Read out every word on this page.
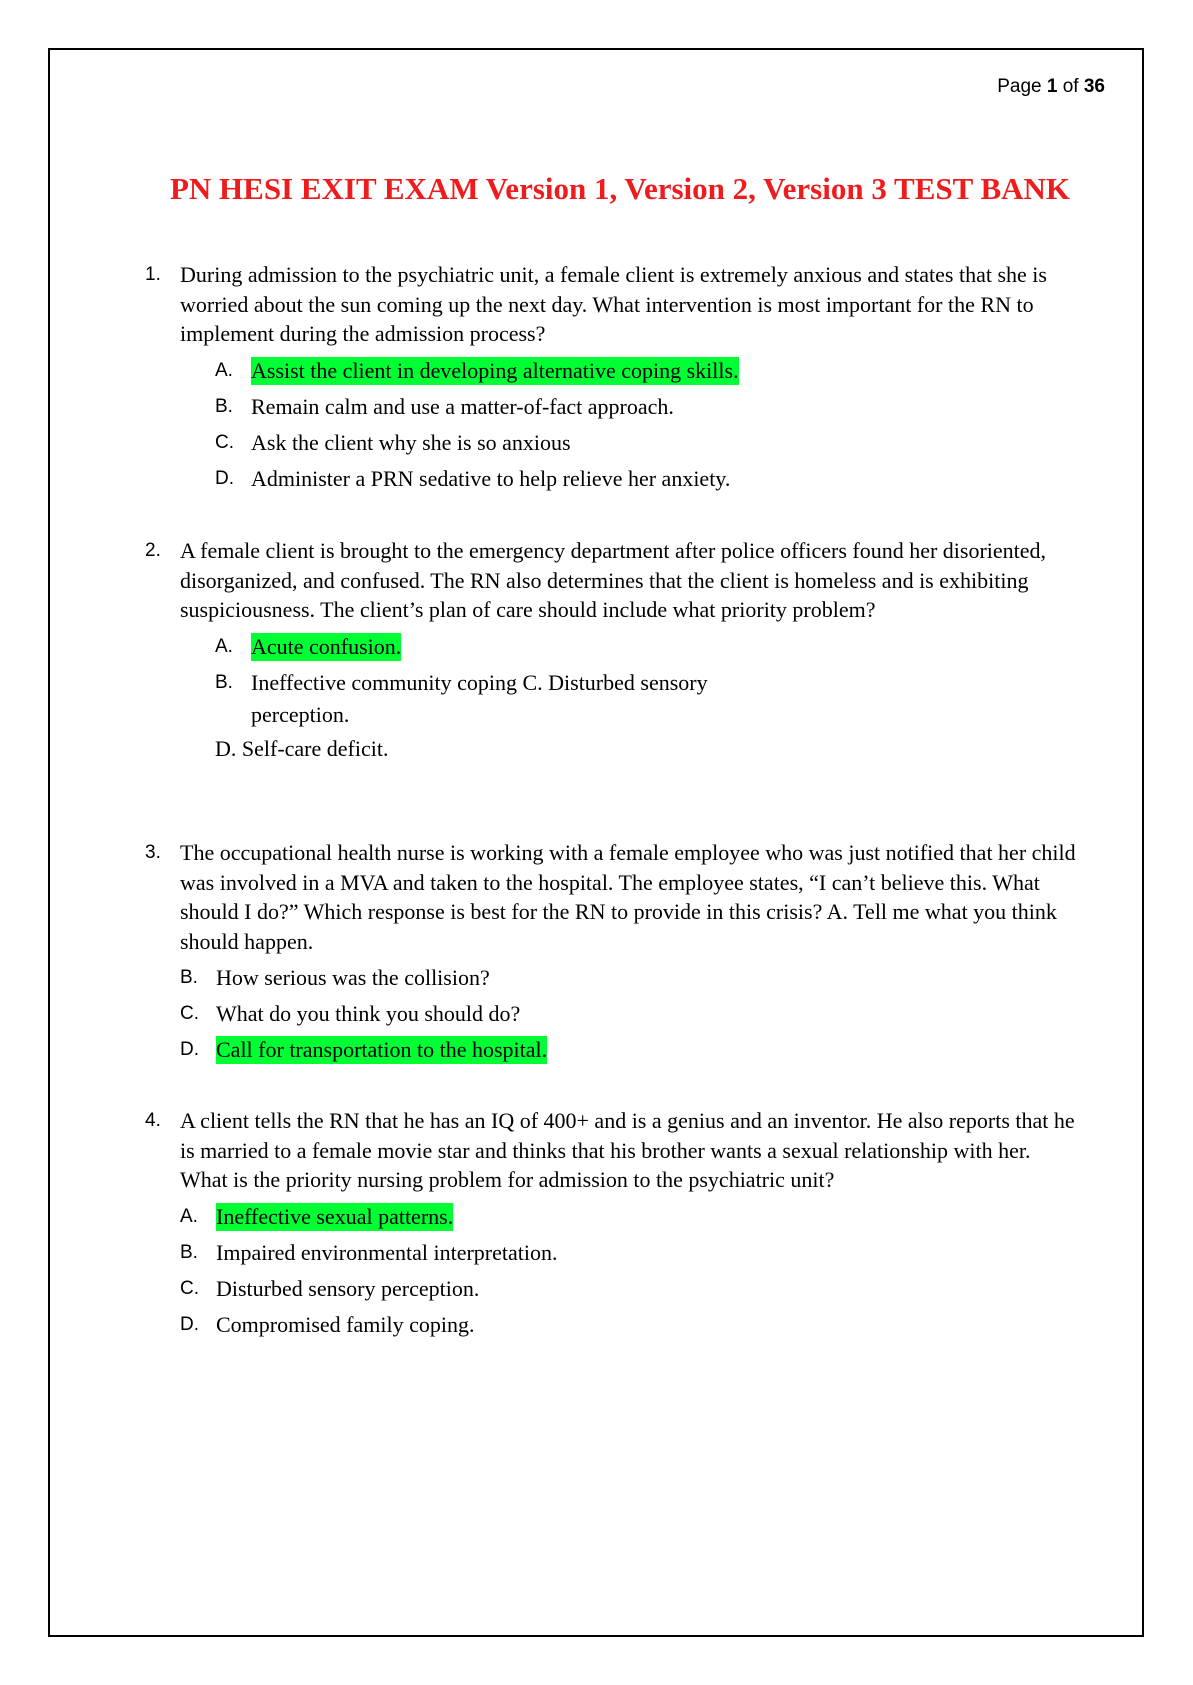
Page 1 of 36
PN HESI EXIT EXAM Version 1, Version 2, Version 3 TEST BANK
1. During admission to the psychiatric unit, a female client is extremely anxious and states that she is worried about the sun coming up the next day. What intervention is most important for the RN to implement during the admission process?
A. Assist the client in developing alternative coping skills.
B. Remain calm and use a matter-of-fact approach.
C. Ask the client why she is so anxious
D. Administer a PRN sedative to help relieve her anxiety.
2. A female client is brought to the emergency department after police officers found her disoriented, disorganized, and confused. The RN also determines that the client is homeless and is exhibiting suspiciousness. The client’s plan of care should include what priority problem?
A. Acute confusion.
B. Ineffective community coping C. Disturbed sensory
perception.
D. Self-care deficit.
3. The occupational health nurse is working with a female employee who was just notified that her child was involved in a MVA and taken to the hospital. The employee states, “I can’t believe this. What should I do?” Which response is best for the RN to provide in this crisis? A. Tell me what you think should happen.
B. How serious was the collision?
C. What do you think you should do?
D. Call for transportation to the hospital.
4. A client tells the RN that he has an IQ of 400+ and is a genius and an inventor. He also reports that he is married to a female movie star and thinks that his brother wants a sexual relationship with her. What is the priority nursing problem for admission to the psychiatric unit?
A. Ineffective sexual patterns.
B. Impaired environmental interpretation.
C. Disturbed sensory perception.
D. Compromised family coping.
